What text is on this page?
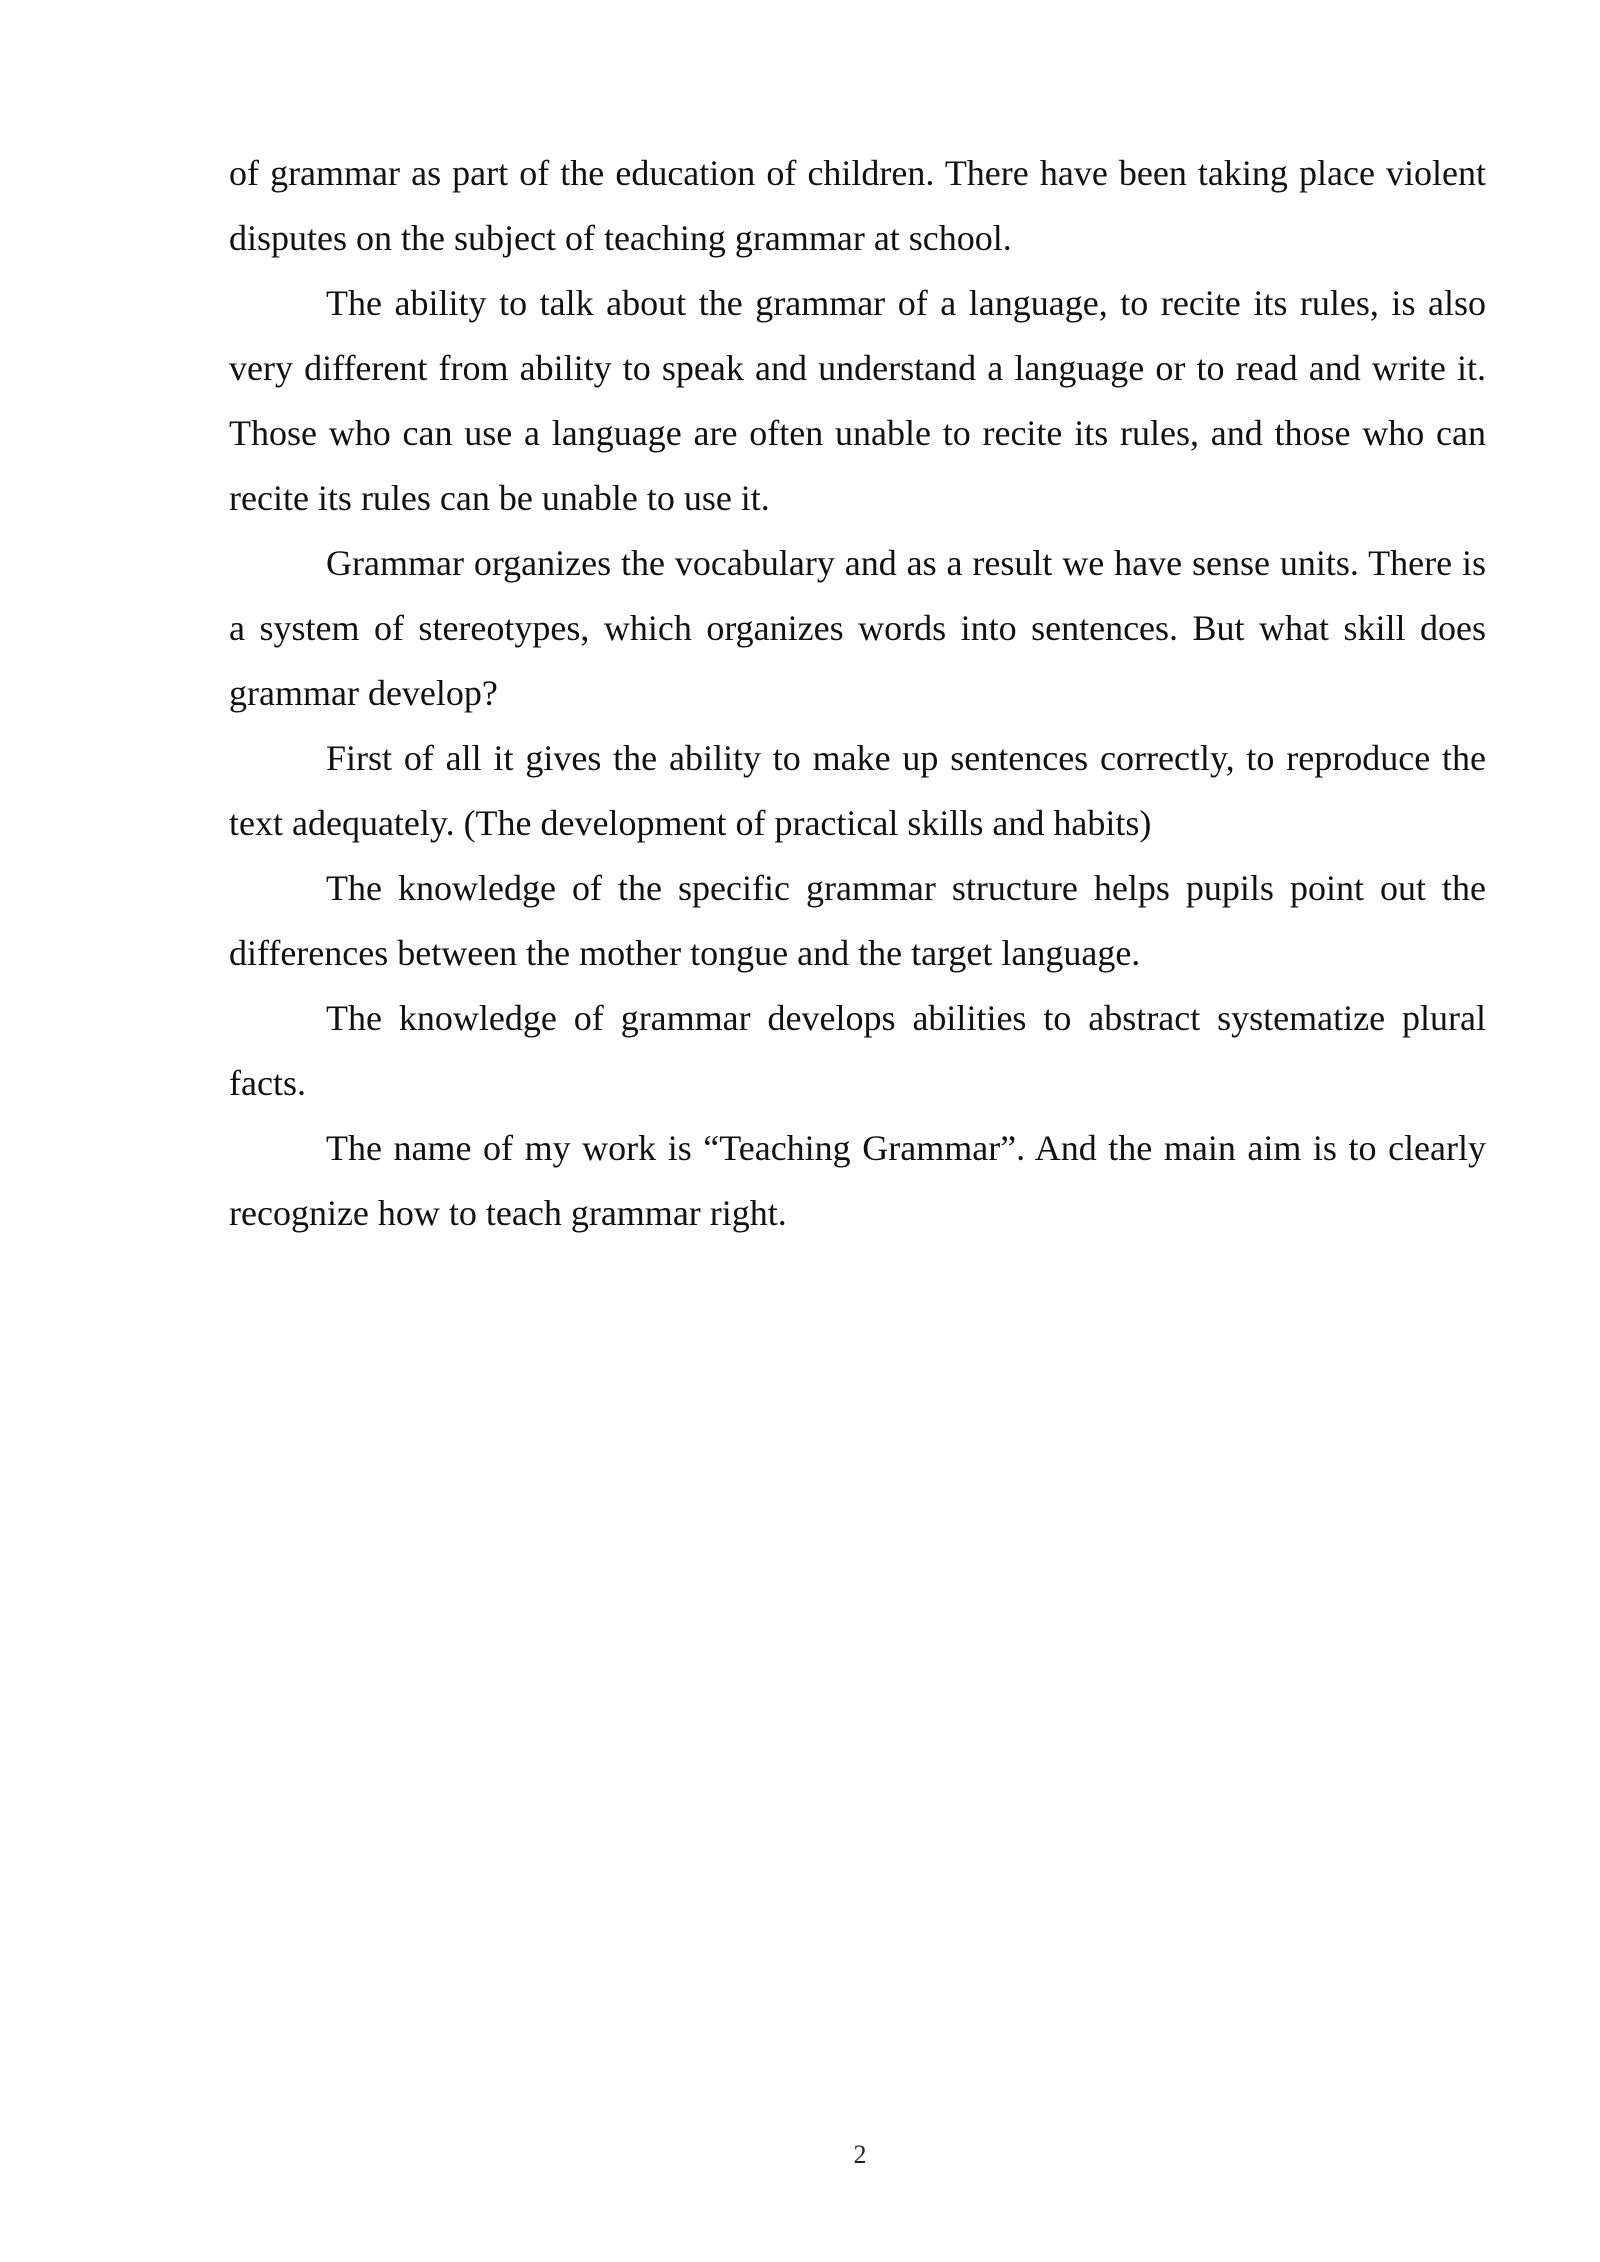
of grammar as part of the education of children. There have been taking place violent disputes on the subject of teaching grammar at school.

The ability to talk about the grammar of a language, to recite its rules, is also very different from ability to speak and understand a language or to read and write it. Those who can use a language are often unable to recite its rules, and those who can recite its rules can be unable to use it.

Grammar organizes the vocabulary and as a result we have sense units. There is a system of stereotypes, which organizes words into sentences. But what skill does grammar develop?

First of all it gives the ability to make up sentences correctly, to reproduce the text adequately. (The development of practical skills and habits)

The knowledge of the specific grammar structure helps pupils point out the differences between the mother tongue and the target language.

The knowledge of grammar develops abilities to abstract systematize plural facts.

The name of my work is “Teaching Grammar”. And the main aim is to clearly recognize how to teach grammar right.

2
